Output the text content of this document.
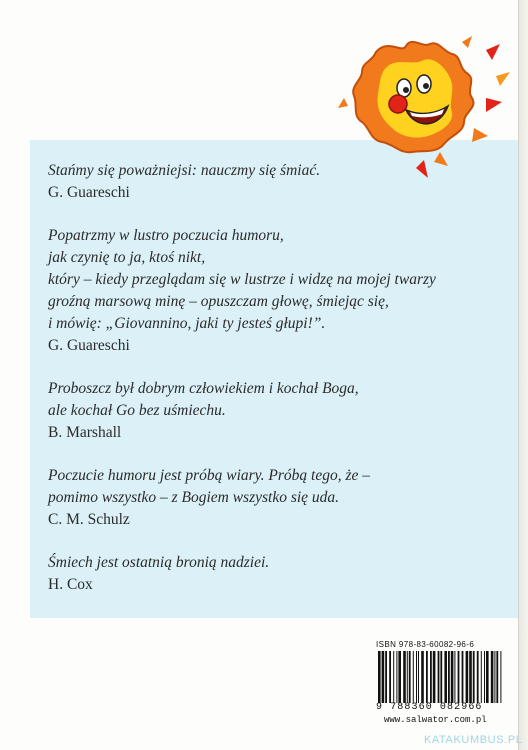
Stańmy się poważniejsi: nauczmy się śmiać.
G. Guareschi
Popatrzmy w lustro poczucia humoru,
jak czynię to ja, ktoś nikt,
który – kiedy przeglądam się w lustrze i widzę na mojej twarzy
groźną marsową minę – opuszczam głowę, śmiejąc się,
i mówię: „Giovannino, jaki ty jesteś głupi!”.
G. Guareschi
Proboszcz był dobrym człowiekiem i kochał Boga,
ale kochał Go bez uśmiechu.
B. Marshall
Poczucie humoru jest próbą wiary. Próbą tego, że –
pomimo wszystko – z Bogiem wszystko się uda.
C. M. Schulz
Śmiech jest ostatnią bronią nadziei.
H. Cox
ISBN 978-83-60082-96-6
9 788360 082966
www.salwator.com.pl
KATAKUMBUS.PL
